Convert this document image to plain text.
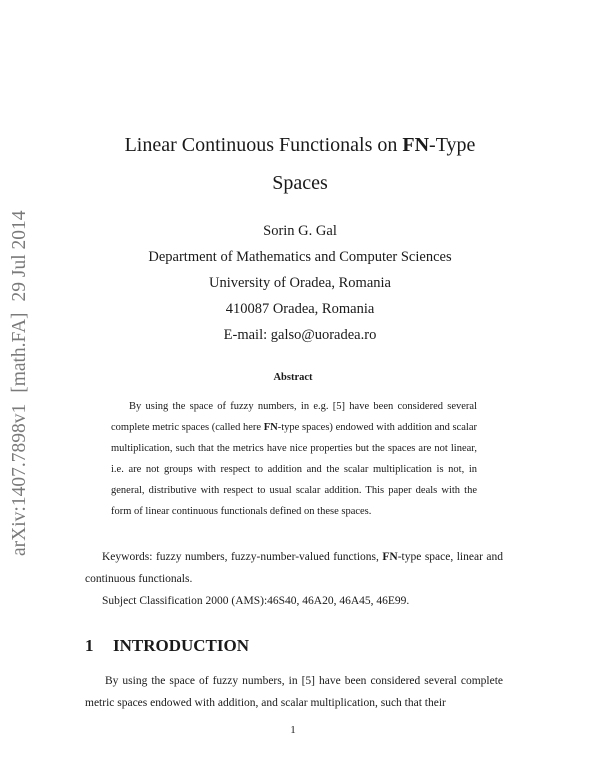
arXiv:1407.7898v1[math.FA]29 Jul 2014
Linear Continuous Functionals on FN-Type
Spaces
Sorin G. Gal
Department of Mathematics and Computer Sciences
University of Oradea, Romania
410087 Oradea, Romania
E-mail: galso@uoradea.ro
Abstract
By using the space of fuzzy numbers, in e.g. [5] have been considered several complete metric spaces (called here FN-type spaces) endowed with addition and scalar multiplication, such that the metrics have nice properties but the spaces are not linear, i.e. are not groups with respect to addition and the scalar multiplication is not, in general, distributive with respect to usual scalar addition. This paper deals with the form of linear continuous functionals defined on these spaces.
Keywords: fuzzy numbers, fuzzy-number-valued functions, FN-type space, linear and continuous functionals.
Subject Classification 2000 (AMS):46S40, 46A20, 46A45, 46E99.
1 INTRODUCTION
By using the space of fuzzy numbers, in [5] have been considered several complete metric spaces endowed with addition, and scalar multiplication, such that their
1
